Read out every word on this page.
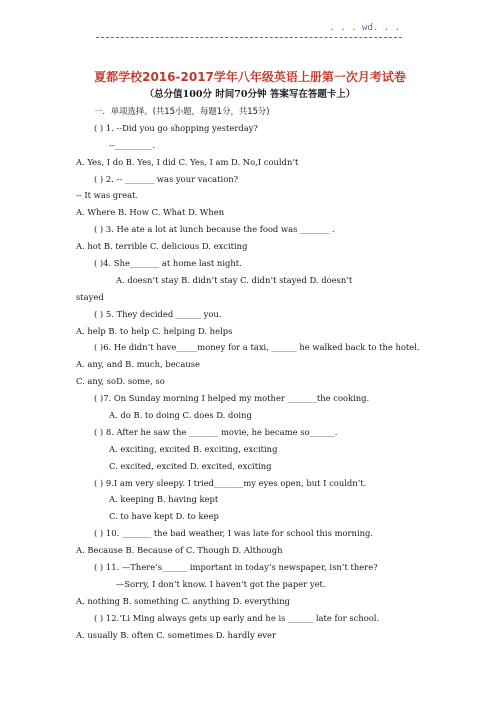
. . . wd. . .
夏都学校2016-2017学年八年级英语上册第一次月考试卷
（总分值100分 时间70分钟 答案写在答题卡上）
一．单项选择。(共15小题，每题1分，共15分)
( ) 1. --Did you go shopping yesterday?
--_________.
A. Yes, I do B. Yes, I did C. Yes, I am D. No,I couldn’t
( ) 2. -- _______ was your vacation?
-- It was great.
A. Where B. How C. What D. When
( ) 3. He ate a lot at lunch because the food was _______ .
A. hot B. terrible C. delicious D. exciting
( )4. She_______ at home last night.
A. doesn’t stay B. didn’t stay C. didn’t stayed D. doesn’t
stayed
( ) 5. They decided ______ you.
A. help B. to help C. helping D. helps
( )6. He didn’t have_____money for a taxi, ______ he walked back to the hotel.
A. any, and B. much, because
C. any, soD. some, so
( )7. On Sunday morning I helped my mother _______the cooking.
A. do B. to doing C. does D. doing
( ) 8. After he saw the _______ movie, he became so______.
A. exciting, excited B. exciting, exciting
C. excited, excited D. excited, exciting
( ) 9.I am very sleepy. I tried_______my eyes open, but I couldn’t.
A. keeping B. having kept
C. to have kept D. to keep
( ) 10. _______ the bad weather, I was late for school this morning.
A. Because B. Because of C. Though D. Although
( ) 11. —There’s______ important in today’s newspaper, isn’t there?
—Sorry, I don’t know. I haven’t got the paper yet.
A. nothing B. something C. anything D. everything
( ) 12.‘Li Ming always gets up early and he is ______ late for school.
A. usually B. often C. sometimes D. hardly ever
